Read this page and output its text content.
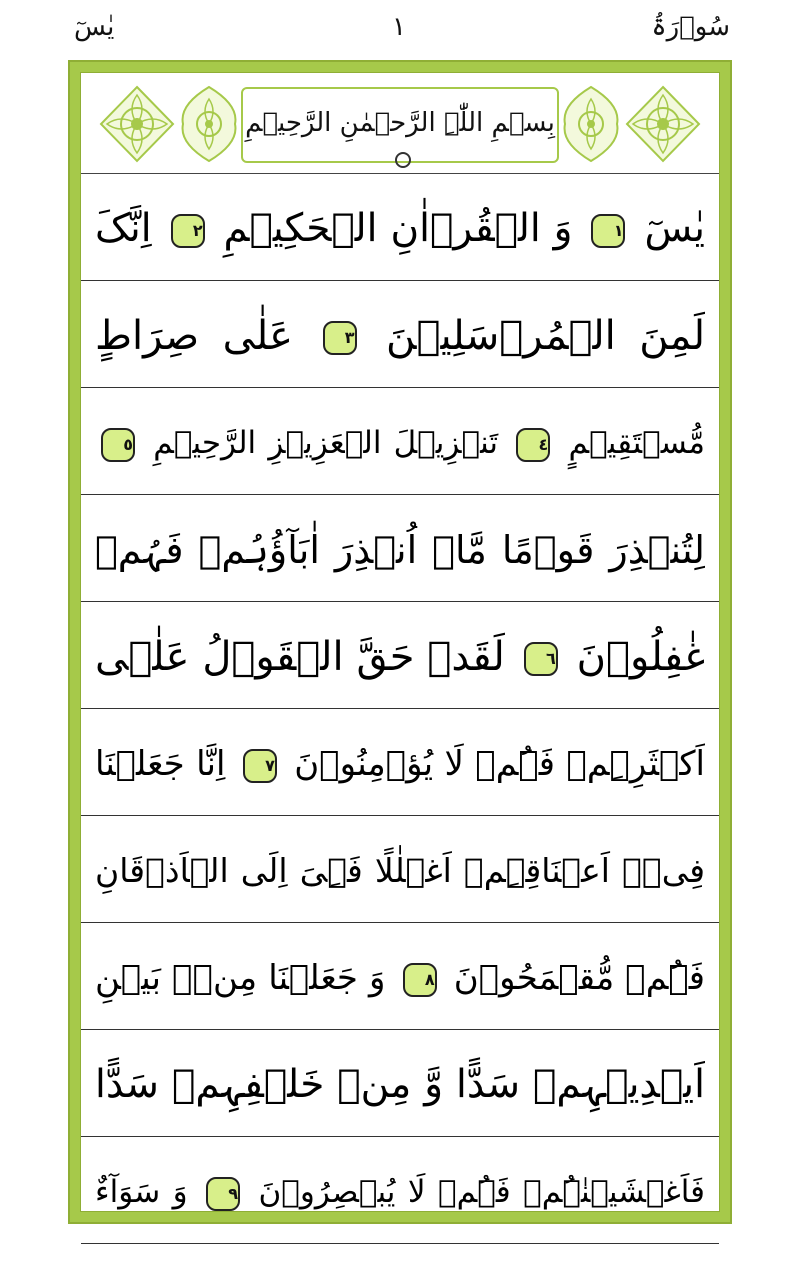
سُوۡرَۃُ
١
یٰسٓ
بِسۡمِ اللّٰہِ الرَّحۡمٰنِ الرَّحِیۡمِ
یٰسٓ ١ وَ الۡقُرۡاٰنِ الۡحَکِیۡمِ ٢ اِنَّکَ
لَمِنَ الۡمُرۡسَلِیۡنَ ٣ عَلٰی صِرَاطٍ
مُّسۡتَقِیۡمٍ ٤ تَنۡزِیۡلَ الۡعَزِیۡزِ الرَّحِیۡمِ ٥
لِتُنۡذِرَ قَوۡمًا مَّاۤ اُنۡذِرَ اٰبَآؤُہُمۡ فَہُمۡ
غٰفِلُوۡنَ ٦ لَقَدۡ حَقَّ الۡقَوۡلُ عَلٰۤی
اَکۡثَرِہِمۡ فَہُمۡ لَا یُؤۡمِنُوۡنَ ٧ اِنَّا جَعَلۡنَا
فِیۡۤ اَعۡنَاقِہِمۡ اَغۡلٰلًا فَہِیَ اِلَی الۡاَذۡقَانِ
فَہُمۡ مُّقۡمَحُوۡنَ ٨ وَ جَعَلۡنَا مِنۡۢ بَیۡنِ
اَیۡدِیۡہِمۡ سَدًّا وَّ مِنۡ خَلۡفِہِمۡ سَدًّا
فَاَغۡشَیۡنٰہُمۡ فَہُمۡ لَا یُبۡصِرُوۡنَ ٩ وَ سَوَآءٌ
